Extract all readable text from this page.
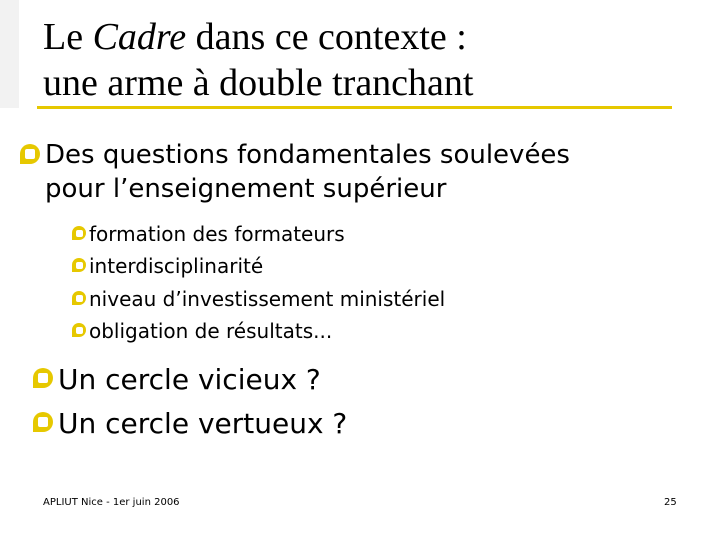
Le Cadre dans ce contexte :
une arme à double tranchant
Des questions fondamentales soulevées
pour l’enseignement supérieur
formation des formateurs
interdisciplinarité
niveau d’investissement ministériel
obligation de résultats...
Un cercle vicieux ?
Un cercle vertueux ?
APLIUT Nice - 1er juin 2006	25
